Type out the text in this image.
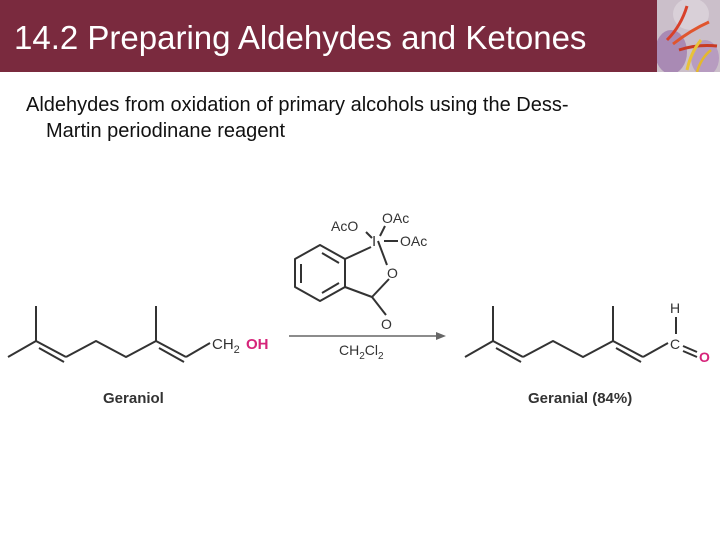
14.2 Preparing Aldehydes and Ketones
Aldehydes from oxidation of primary alcohols using the Dess-
Martin periodinane reagent
$CH_2$ OH
Geraniol
AcO OAc
OAc
I
O
O
$CH_2Cl_2$
H
C
O
Geranial (84%)
